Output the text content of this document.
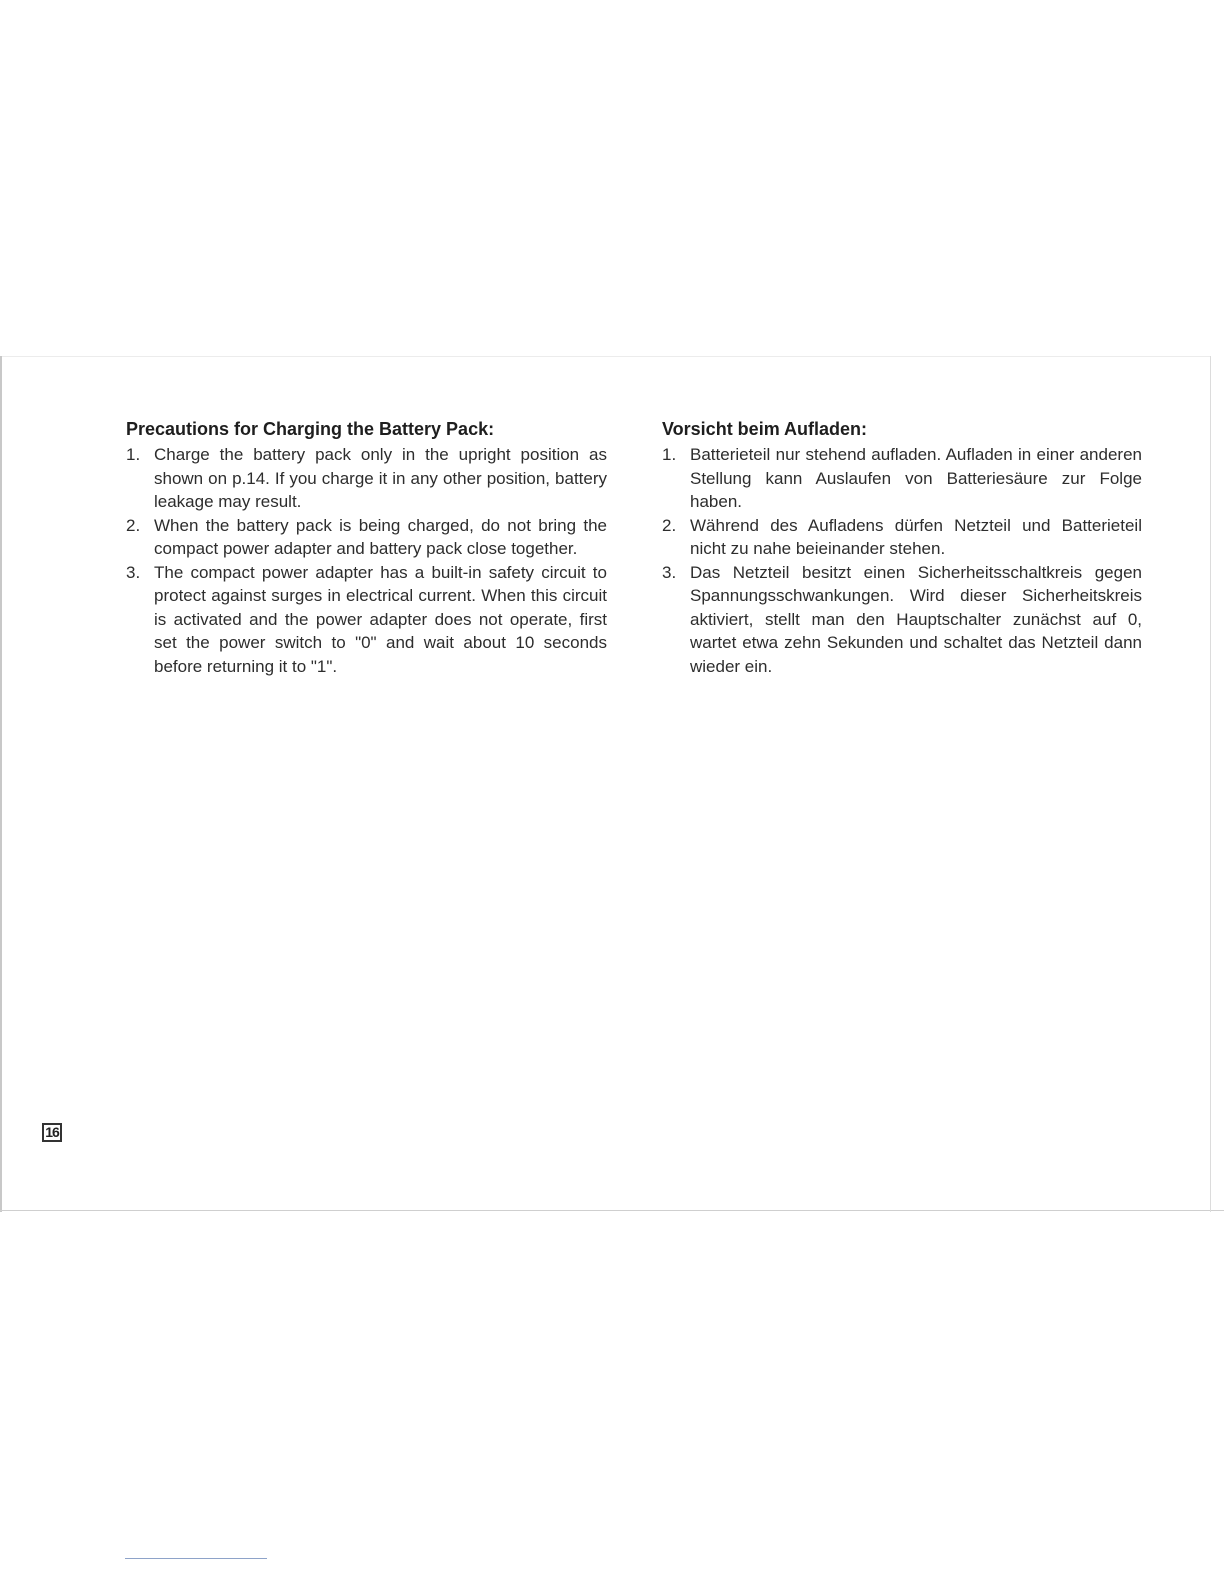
Precautions for Charging the Battery Pack:
1. Charge the battery pack only in the upright position as shown on p.14. If you charge it in any other position, battery leakage may result.
2. When the battery pack is being charged, do not bring the compact power adapter and battery pack close together.
3. The compact power adapter has a built-in safety circuit to protect against surges in electrical current. When this circuit is activated and the power adapter does not operate, first set the power switch to "0" and wait about 10 seconds before returning it to "1".
Vorsicht beim Aufladen:
1. Batterieteil nur stehend aufladen. Aufladen in einer anderen Stellung kann Auslaufen von Batteriesäure zur Folge haben.
2. Während des Aufladens dürfen Netzteil und Batterieteil nicht zu nahe beieinander stehen.
3. Das Netzteil besitzt einen Sicherheitsschaltkreis gegen Spannungsschwankungen. Wird dieser Sicherheitskreis aktiviert, stellt man den Hauptschalter zunächst auf 0, wartet etwa zehn Sekunden und schaltet das Netzteil dann wieder ein.
16
